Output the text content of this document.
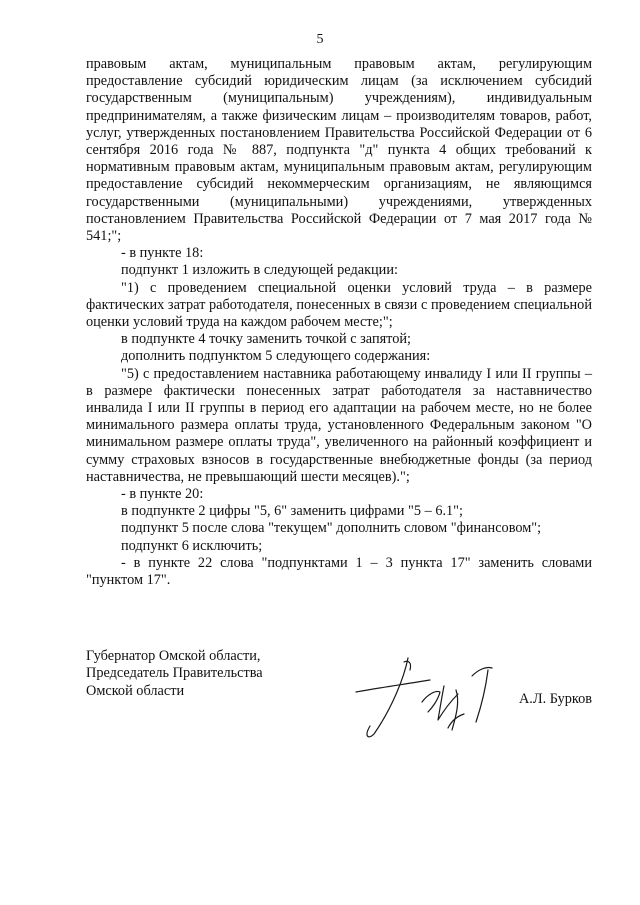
5

правовым актам, муниципальным правовым актам, регулирующим предоставление субсидий юридическим лицам (за исключением субсидий государственным (муниципальным) учреждениям), индивидуальным предпринимателям, а также физическим лицам – производителям товаров, работ, услуг, утвержденных постановлением Правительства Российской Федерации от 6 сентября 2016 года № 887, подпункта "д" пункта 4 общих требований к нормативным правовым актам, муниципальным правовым актам, регулирующим предоставление субсидий некоммерческим организациям, не являющимся государственными (муниципальными) учреждениями, утвержденных постановлением Правительства Российской Федерации от 7 мая 2017 года № 541;";

- в пункте 18:

подпункт 1 изложить в следующей редакции:

"1) с проведением специальной оценки условий труда – в размере фактических затрат работодателя, понесенных в связи с проведением специальной оценки условий труда на каждом рабочем месте;";

в подпункте 4 точку заменить точкой с запятой;

дополнить подпунктом 5 следующего содержания:

"5) с предоставлением наставника работающему инвалиду I или II группы – в размере фактически понесенных затрат работодателя за наставничество инвалида I или II группы в период его адаптации на рабочем месте, но не более минимального размера оплаты труда, установленного Федеральным законом "О минимальном размере оплаты труда", увеличенного на районный коэффициент и сумму страховых взносов в государственные внебюджетные фонды (за период наставничества, не превышающий шести месяцев).";

- в пункте 20:

в подпункте 2 цифры "5, 6" заменить цифрами "5 – 6.1";

подпункт 5 после слова "текущем" дополнить словом "финансовом";

подпункт 6 исключить;

- в пункте 22 слова "подпунктами 1 – 3 пункта 17" заменить словами "пунктом 17".

Губернатор Омской области,
Председатель Правительства
Омской области
А.Л. Бурков
